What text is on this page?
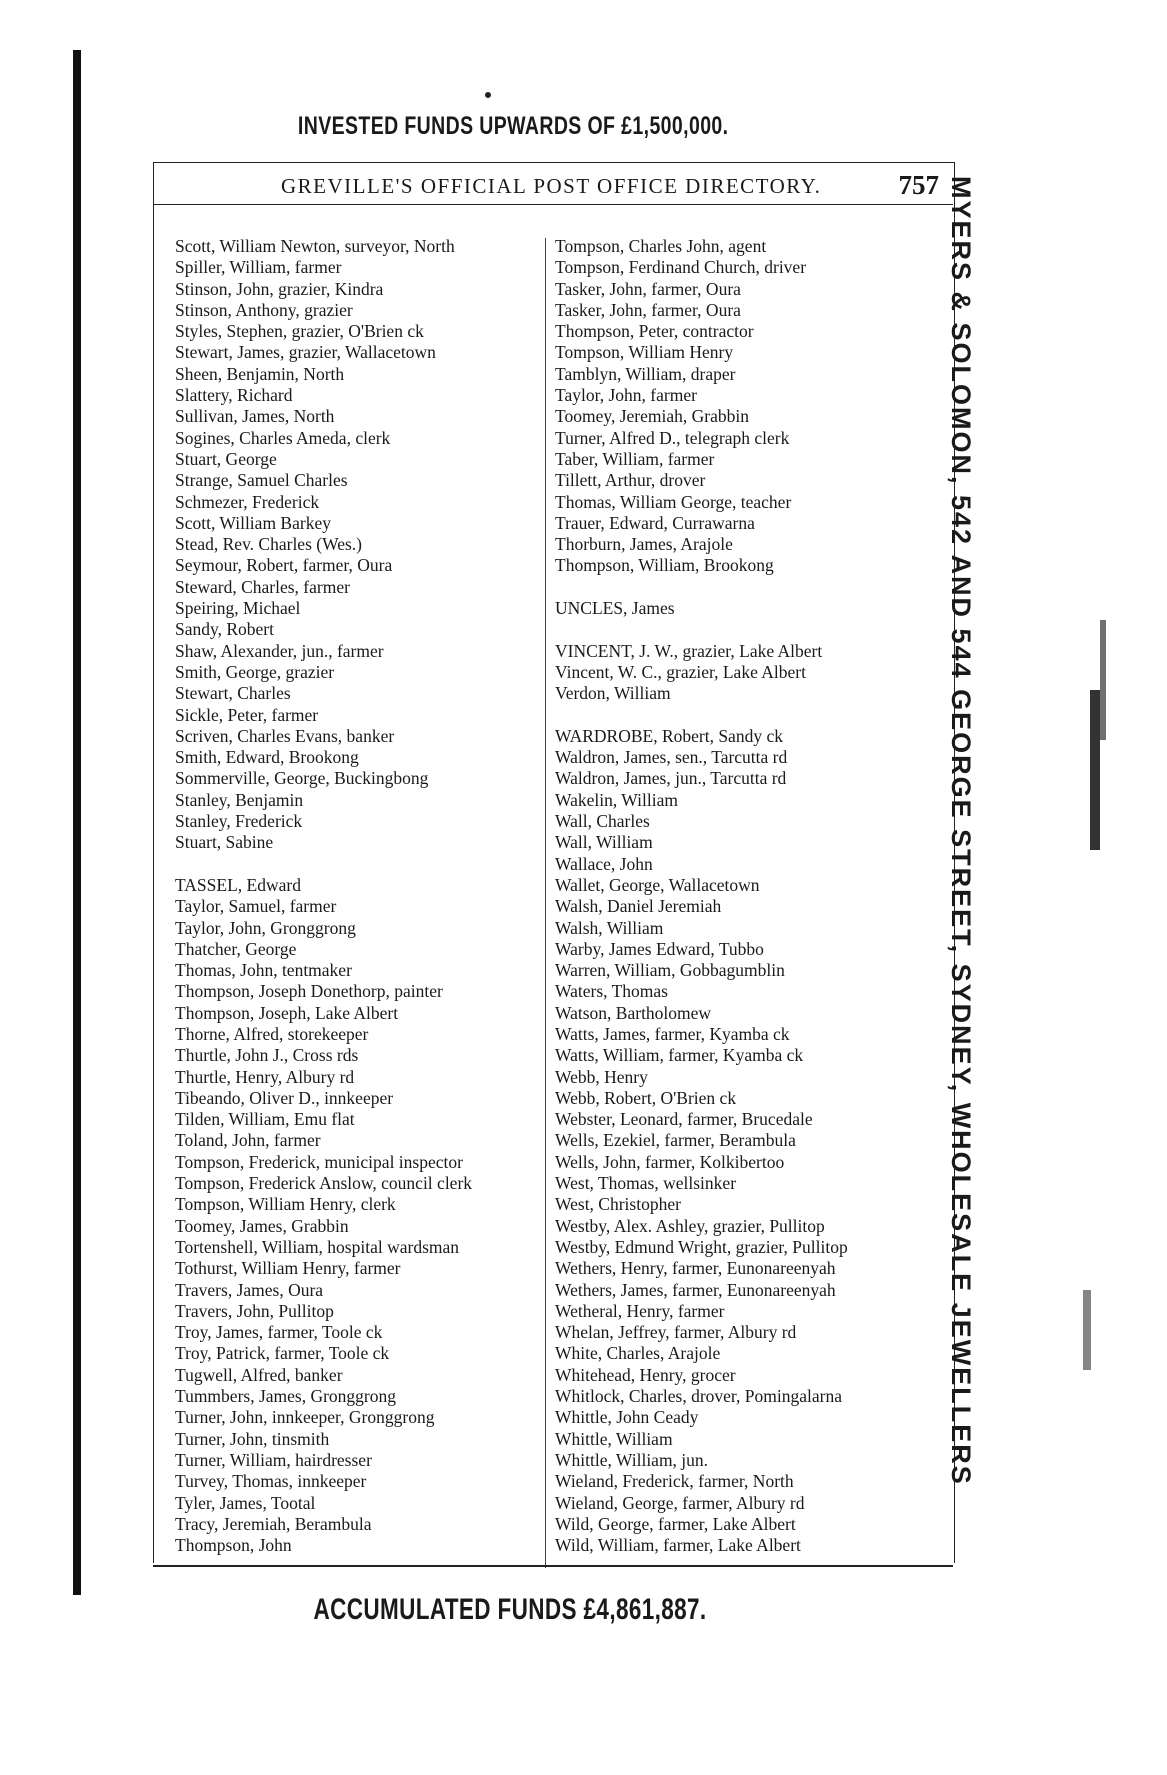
INVESTED FUNDS UPWARDS OF £1,500,000.
GREVILLE'S OFFICIAL POST OFFICE DIRECTORY.	757
Scott, William Newton, surveyor, North
Spiller, William, farmer
Stinson, John, grazier, Kindra
Stinson, Anthony, grazier
Styles, Stephen, grazier, O'Brien ck
Stewart, James, grazier, Wallacetown
Sheen, Benjamin, North
Slattery, Richard
Sullivan, James, North
Sogines, Charles Ameda, clerk
Stuart, George
Strange, Samuel Charles
Schmezer, Frederick
Scott, William Barkey
Stead, Rev. Charles (Wes.)
Seymour, Robert, farmer, Oura
Steward, Charles, farmer
Speiring, Michael
Sandy, Robert
Shaw, Alexander, jun., farmer
Smith, George, grazier
Stewart, Charles
Sickle, Peter, farmer
Scriven, Charles Evans, banker
Smith, Edward, Brookong
Sommerville, George, Buckingbong
Stanley, Benjamin
Stanley, Frederick
Stuart, Sabine
TASSEL, Edward
Taylor, Samuel, farmer
Taylor, John, Gronggrong
Thatcher, George
Thomas, John, tentmaker
Thompson, Joseph Donethorp, painter
Thompson, Joseph, Lake Albert
Thorne, Alfred, storekeeper
Thurtle, John J., Cross rds
Thurtle, Henry, Albury rd
Tibeando, Oliver D., innkeeper
Tilden, William, Emu flat
Toland, John, farmer
Tompson, Frederick, municipal inspector
Tompson, Frederick Anslow, council clerk
Tompson, William Henry, clerk
Toomey, James, Grabbin
Tortenshell, William, hospital wardsman
Tothurst, William Henry, farmer
Travers, James, Oura
Travers, John, Pullitop
Troy, James, farmer, Toole ck
Troy, Patrick, farmer, Toole ck
Tugwell, Alfred, banker
Tummbers, James, Gronggrong
Turner, John, innkeeper, Gronggrong
Turner, John, tinsmith
Turner, William, hairdresser
Turvey, Thomas, innkeeper
Tyler, James, Tootal
Tracy, Jeremiah, Berambula
Thompson, John
Tompson, Charles John, agent
Tompson, Ferdinand Church, driver
Tasker, John, farmer, Oura
Tasker, John, farmer, Oura
Thompson, Peter, contractor
Tompson, William Henry
Tamblyn, William, draper
Taylor, John, farmer
Toomey, Jeremiah, Grabbin
Turner, Alfred D., telegraph clerk
Taber, William, farmer
Tillett, Arthur, drover
Thomas, William George, teacher
Trauer, Edward, Currawarna
Thorburn, James, Arajole
Thompson, William, Brookong
UNCLES, James
VINCENT, J. W., grazier, Lake Albert
Vincent, W. C., grazier, Lake Albert
Verdon, William
WARDROBE, Robert, Sandy ck
Waldron, James, sen., Tarcutta rd
Waldron, James, jun., Tarcutta rd
Wakelin, William
Wall, Charles
Wall, William
Wallace, John
Wallet, George, Wallacetown
Walsh, Daniel Jeremiah
Walsh, William
Warby, James Edward, Tubbo
Warren, William, Gobbagumblin
Waters, Thomas
Watson, Bartholomew
Watts, James, farmer, Kyamba ck
Watts, William, farmer, Kyamba ck
Webb, Henry
Webb, Robert, O'Brien ck
Webster, Leonard, farmer, Brucedale
Wells, Ezekiel, farmer, Berambula
Wells, John, farmer, Kolkibertoo
West, Thomas, wellsinker
West, Christopher
Westby, Alex. Ashley, grazier, Pullitop
Westby, Edmund Wright, grazier, Pullitop
Wethers, Henry, farmer, Eunonareenyah
Wethers, James, farmer, Eunonareenyah
Wetheral, Henry, farmer
Whelan, Jeffrey, farmer, Albury rd
White, Charles, Arajole
Whitehead, Henry, grocer
Whitlock, Charles, drover, Pomingalarna
Whittle, John Ceady
Whittle, William
Whittle, William, jun.
Wieland, Frederick, farmer, North
Wieland, George, farmer, Albury rd
Wild, George, farmer, Lake Albert
Wild, William, farmer, Lake Albert
ACCUMULATED FUNDS £4,861,887.
MYERS & SOLOMON, 542 AND 544 GEORGE STREET, SYDNEY, WHOLESALE JEWELLERS
